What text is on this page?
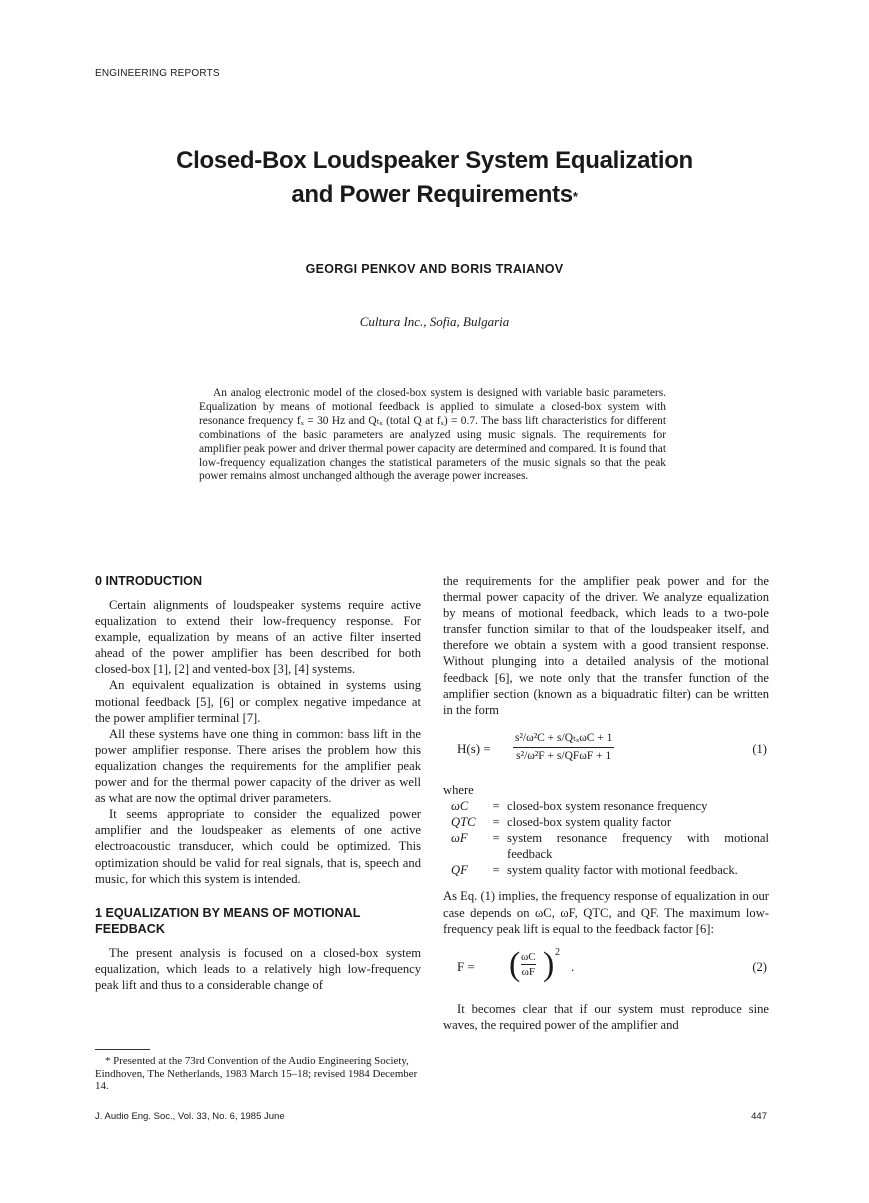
ENGINEERING REPORTS
Closed-Box Loudspeaker System Equalization
and Power Requirements*
GEORGI PENKOV AND BORIS TRAIANOV
Cultura Inc., Sofia, Bulgaria
An analog electronic model of the closed-box system is designed with variable basic parameters. Equalization by means of motional feedback is applied to simulate a closed-box system with resonance frequency fₓ = 30 Hz and Qₜₓ (total Q at fₓ) = 0.7. The bass lift characteristics for different combinations of the basic parameters are analyzed using music signals. The requirements for amplifier peak power and driver thermal power capacity are determined and compared. It is found that low-frequency equalization changes the statistical parameters of the music signals so that the peak power remains almost unchanged although the average power increases.
0 INTRODUCTION

Certain alignments of loudspeaker systems require active equalization to extend their low-frequency response. For example, equalization by means of an active filter inserted ahead of the power amplifier has been described for both closed-box [1], [2] and vented-box [3], [4] systems.

An equivalent equalization is obtained in systems using motional feedback [5], [6] or complex negative impedance at the power amplifier terminal [7].

All these systems have one thing in common: bass lift in the power amplifier response. There arises the problem how this equalization changes the requirements for the amplifier peak power and for the thermal power capacity of the driver as well as what are now the optimal driver parameters.

It seems appropriate to consider the equalized power amplifier and the loudspeaker as elements of one active electroacoustic transducer, which could be optimized. This optimization should be valid for real signals, that is, speech and music, for which this system is intended.

1 EQUALIZATION BY MEANS OF MOTIONAL FEEDBACK

The present analysis is focused on a closed-box system equalization, which leads to a relatively high low-frequency peak lift and thus to a considerable change of

the requirements for the amplifier peak power and for the thermal power capacity of the driver. We analyze equalization by means of motional feedback, which leads to a two-pole transfer function similar to that of the loudspeaker itself, and therefore we obtain a system with a good transient response. Without plunging into a detailed analysis of the motional feedback [6], we note only that the transfer function of the amplifier section (known as a biquadratic filter) can be written in the form

H(s) =
s²/ω²C + s/QₜₓωC + 1
s²/ω²F + s/QFωF + 1	(1)
where
ωC	=	closed-box system resonance frequency
QTC	=	closed-box system quality factor
ωF	=	system resonance frequency with motional feedback
QF	=	system quality factor with motional feedback.

As Eq. (1) implies, the frequency response of equalization in our case depends on ωC, ωF, QTC, and QF. The maximum low-frequency peak lift is equal to the feedback factor [6]:

F = ( $\frac{\omega C}{\omega F}$ ) 2
.	(2)

It becomes clear that if our system must reproduce sine waves, the required power of the amplifier and

* Presented at the 73rd Convention of the Audio Engineering Society, Eindhoven, The Netherlands, 1983 March 15–18; revised 1984 December 14.
J. Audio Eng. Soc., Vol. 33, No. 6, 1985 June	447
